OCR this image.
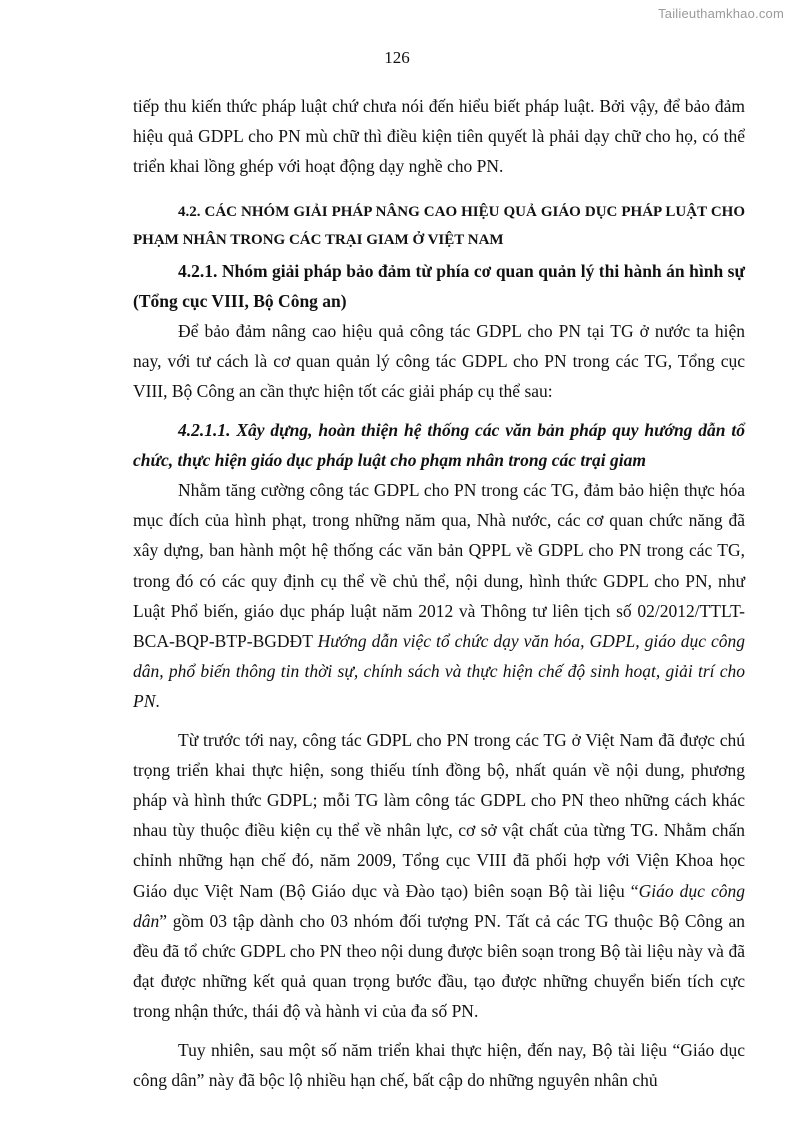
Tailieuthamkhao.com
126

tiếp thu kiến thức pháp luật chứ chưa nói đến hiểu biết pháp luật. Bởi vậy, để bảo đảm hiệu quả GDPL cho PN mù chữ thì điều kiện tiên quyết là phải dạy chữ cho họ, có thể triển khai lồng ghép với hoạt động dạy nghề cho PN.

4.2. CÁC NHÓM GIẢI PHÁP NÂNG CAO HIỆU QUẢ GIÁO DỤC PHÁP LUẬT CHO PHẠM NHÂN TRONG CÁC TRẠI GIAM Ở VIỆT NAM

4.2.1. Nhóm giải pháp bảo đảm từ phía cơ quan quản lý thi hành án hình sự (Tổng cục VIII, Bộ Công an)

Để bảo đảm nâng cao hiệu quả công tác GDPL cho PN tại TG ở nước ta hiện nay, với tư cách là cơ quan quản lý công tác GDPL cho PN trong các TG, Tổng cục VIII, Bộ Công an cần thực hiện tốt các giải pháp cụ thể sau:

4.2.1.1. Xây dựng, hoàn thiện hệ thống các văn bản pháp quy hướng dẫn tổ chức, thực hiện giáo dục pháp luật cho phạm nhân trong các trại giam

Nhằm tăng cường công tác GDPL cho PN trong các TG, đảm bảo hiện thực hóa mục đích của hình phạt, trong những năm qua, Nhà nước, các cơ quan chức năng đã xây dựng, ban hành một hệ thống các văn bản QPPL về GDPL cho PN trong các TG, trong đó có các quy định cụ thể về chủ thể, nội dung, hình thức GDPL cho PN, như Luật Phổ biến, giáo dục pháp luật năm 2012 và Thông tư liên tịch số 02/2012/TTLT-BCA-BQP-BTP-BGDĐT Hướng dẫn việc tổ chức dạy văn hóa, GDPL, giáo dục công dân, phổ biến thông tin thời sự, chính sách và thực hiện chế độ sinh hoạt, giải trí cho PN.

Từ trước tới nay, công tác GDPL cho PN trong các TG ở Việt Nam đã được chú trọng triển khai thực hiện, song thiếu tính đồng bộ, nhất quán về nội dung, phương pháp và hình thức GDPL; mỗi TG làm công tác GDPL cho PN theo những cách khác nhau tùy thuộc điều kiện cụ thể về nhân lực, cơ sở vật chất của từng TG. Nhằm chấn chỉnh những hạn chế đó, năm 2009, Tổng cục VIII đã phối hợp với Viện Khoa học Giáo dục Việt Nam (Bộ Giáo dục và Đào tạo) biên soạn Bộ tài liệu “Giáo dục công dân” gồm 03 tập dành cho 03 nhóm đối tượng PN. Tất cả các TG thuộc Bộ Công an đều đã tổ chức GDPL cho PN theo nội dung được biên soạn trong Bộ tài liệu này và đã đạt được những kết quả quan trọng bước đầu, tạo được những chuyển biến tích cực trong nhận thức, thái độ và hành vi của đa số PN.

Tuy nhiên, sau một số năm triển khai thực hiện, đến nay, Bộ tài liệu “Giáo dục công dân” này đã bộc lộ nhiều hạn chế, bất cập do những nguyên nhân chủ
